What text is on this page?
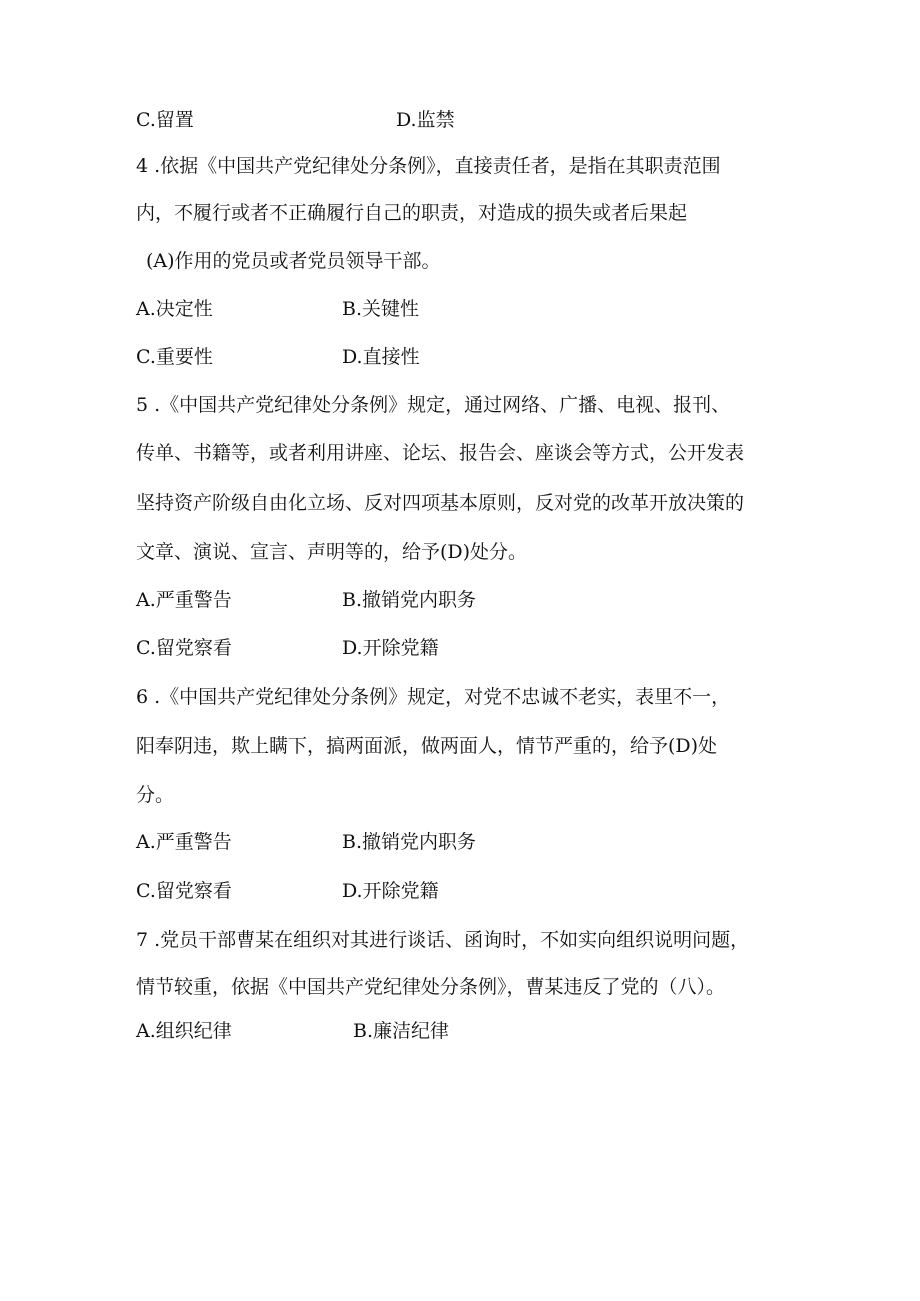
C.留置	D.监禁
4 .依据《中国共产党纪律处分条例》，直接责任者，是指在其职责范围
内，不履行或者不正确履行自己的职责，对造成的损失或者后果起
(A)作用的党员或者党员领导干部。
A.决定性	B.关键性
C.重要性	D.直接性
5 .《中国共产党纪律处分条例》规定，通过网络、广播、电视、报刊、
传单、书籍等，或者利用讲座、论坛、报告会、座谈会等方式，公开发表
坚持资产阶级自由化立场、反对四项基本原则，反对党的改革开放决策的
文章、演说、宣言、声明等的，给予(D)处分。
A.严重警告	B.撤销党内职务
C.留党察看	D.开除党籍
6 .《中国共产党纪律处分条例》规定，对党不忠诚不老实，表里不一，
阳奉阴违，欺上瞒下，搞两面派，做两面人，情节严重的，给予(D)处
分。
A.严重警告	B.撤销党内职务
C.留党察看	D.开除党籍
7 .党员干部曹某在组织对其进行谈话、函询时，不如实向组织说明问题，
情节较重，依据《中国共产党纪律处分条例》，曹某违反了党的（八）。
A.组织纪律	B.廉洁纪律
